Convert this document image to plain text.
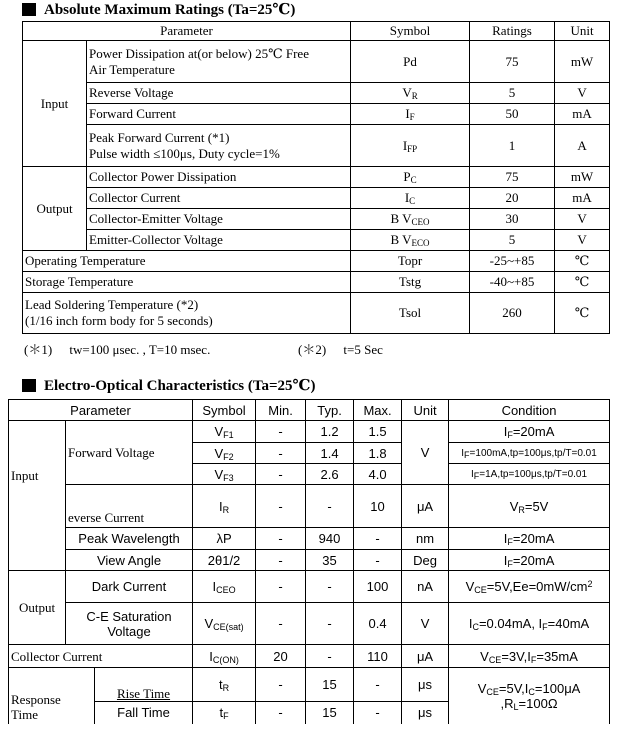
Absolute Maximum Ratings (Ta=25℃)
Parameter		Symbol	Ratings	Unit
Input	Power Dissipation at(or below) 25℃ Free
Air Temperature	Pd	75	mW
	Reverse Voltage	$V_R$	5	V
	Forward Current	$I_F$	50	mA
	Peak Forward Current (*1)
Pulse width ≤100μs, Duty cycle=1%	$I_{FP}$	1	A
Output	Collector Power Dissipation	$P_C$	75	mW
	Collector Current	$I_C$	20	mA
	Collector-Emitter Voltage	B $V_{CEO}$	30	V
	Emitter-Collector Voltage	B $V_{ECO}$	5	V
Operating Temperature		Topr	-25~+85	℃
Storage Temperature		Tstg	-40~+85	℃
Lead Soldering Temperature (*2)
(1/16 inch form body for 5 seconds)		Tsol	260	℃
(＊1) tw=100 μsec. , T=10 msec.	(＊2) t=5 Sec
Electro-Optical Characteristics (Ta=25℃)
Parameter			Symbol	Min.	Typ.	Max.	Unit	Condition
Input	Forward Voltage		$V_{F1}$	-	1.2	1.5	V	$I_F=20mA$
			$V_{F2}$	-	1.4	1.8		$I_F=100mA,tp=100\mu s,tp/T=0.01$
			$V_{F3}$	-	2.6	4.0		$I_F=1A,tp=100\mu s,tp/T=0.01$
	everse Current		$I_R$	-	-	10	μA	$V_R=5V$
	Peak Wavelength		λP	-	940	-	nm	$I_F=20mA$
	View Angle		2θ1/2	-	35	-	Deg	$I_F=20mA$
Output	Dark Current		$I_{CEO}$	-	-	100	nA	$V_{CE}=5V,Ee=0mW/cm^2$
	C-E Saturation
Voltage		$V_{CE(sat)}$	-	-	0.4	V	$I_C=0.04mA$, $I_F=40mA$
Collector Current			$I_{C(ON)}$	20	-	110	μA	$V_{CE}=3V,I_F=35mA$
Response
Time		Rise Time	$t_R$	-	15	-	μs	$V_{CE}=5V,I_C=100\mu A$
$,R_L=100\Omega$
		Fall Time	$t_F$	-	15	-	μs	
